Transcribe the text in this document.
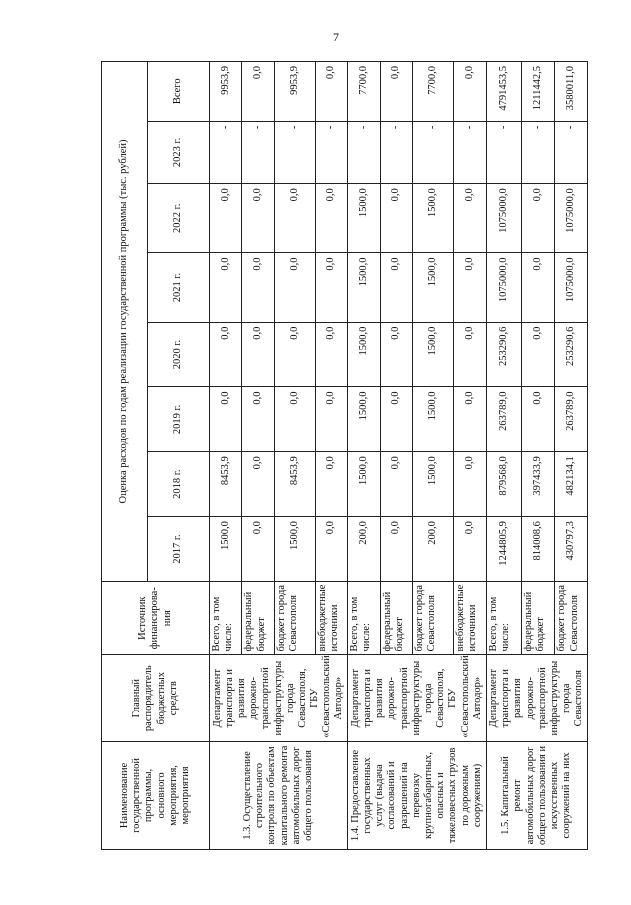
7
Наименование государственной программы, основного мероприятия, мероприятия	Главный распорядитель бюджетных средств	Источник финансирова-ния	Оценка расходов по годам реализации государственной программы (тыс. рублей)							
			2017 г.	2018 г.	2019 г.	2020 г.	2021 г.	2022 г.	2023 г.	Всего
1.3. Осуществление строительного контроля по объектам капитального ремонта автомобильных дорог общего пользования	Департамент транспорта и развития дорожно-транспортной инфраструктуры города Севастополя, ГБУ «Севастопольский Автодор»	Всего, в том числе:	1500,0	8453,9	0,0	0,0	0,0	0,0	-	9953,9
		федеральный бюджет	0,0	0,0	0,0	0,0	0,0	0,0	-	0,0
		бюджет города Севастополя	1500,0	8453,9	0,0	0,0	0,0	0,0	-	9953,9
		внебюджетные источники	0,0	0,0	0,0	0,0	0,0	0,0	-	0,0
1.4. Предоставление государственных услуг (выдача согласований и разрешений на перевозку крупногабаритных, опасных и тяжеловесных грузов по дорожным сооружениям)	Департамент транспорта и развития дорожно-транспортной инфраструктуры города Севастополя, ГБУ «Севастопольский Автодор»	Всего, в том числе:	200,0	1500,0	1500,0	1500,0	1500,0	1500,0	-	7700,0
		федеральный бюджет	0,0	0,0	0,0	0,0	0,0	0,0	-	0,0
		бюджет города Севастополя	200,0	1500,0	1500,0	1500,0	1500,0	1500,0	-	7700,0
		внебюджетные источники	0,0	0,0	0,0	0,0	0,0	0,0	-	0,0
1.5. Капитальный ремонт автомобильных дорог общего пользования и искусственных сооружений на них	Департамент транспорта и развития дорожно-транспортной инфраструктуры города Севастополя	Всего, в том числе:	1244805,9	879568,0	263789,0	253290,6	1075000,0	1075000,0	-	4791453,5
		федеральный бюджет	814008,6	397433,9	0,0	0,0	0,0	0,0	-	1211442,5
		бюджет города Севастополя	430797,3	482134,1	263789,0	253290,6	1075000,0	1075000,0	-	3580011,0
